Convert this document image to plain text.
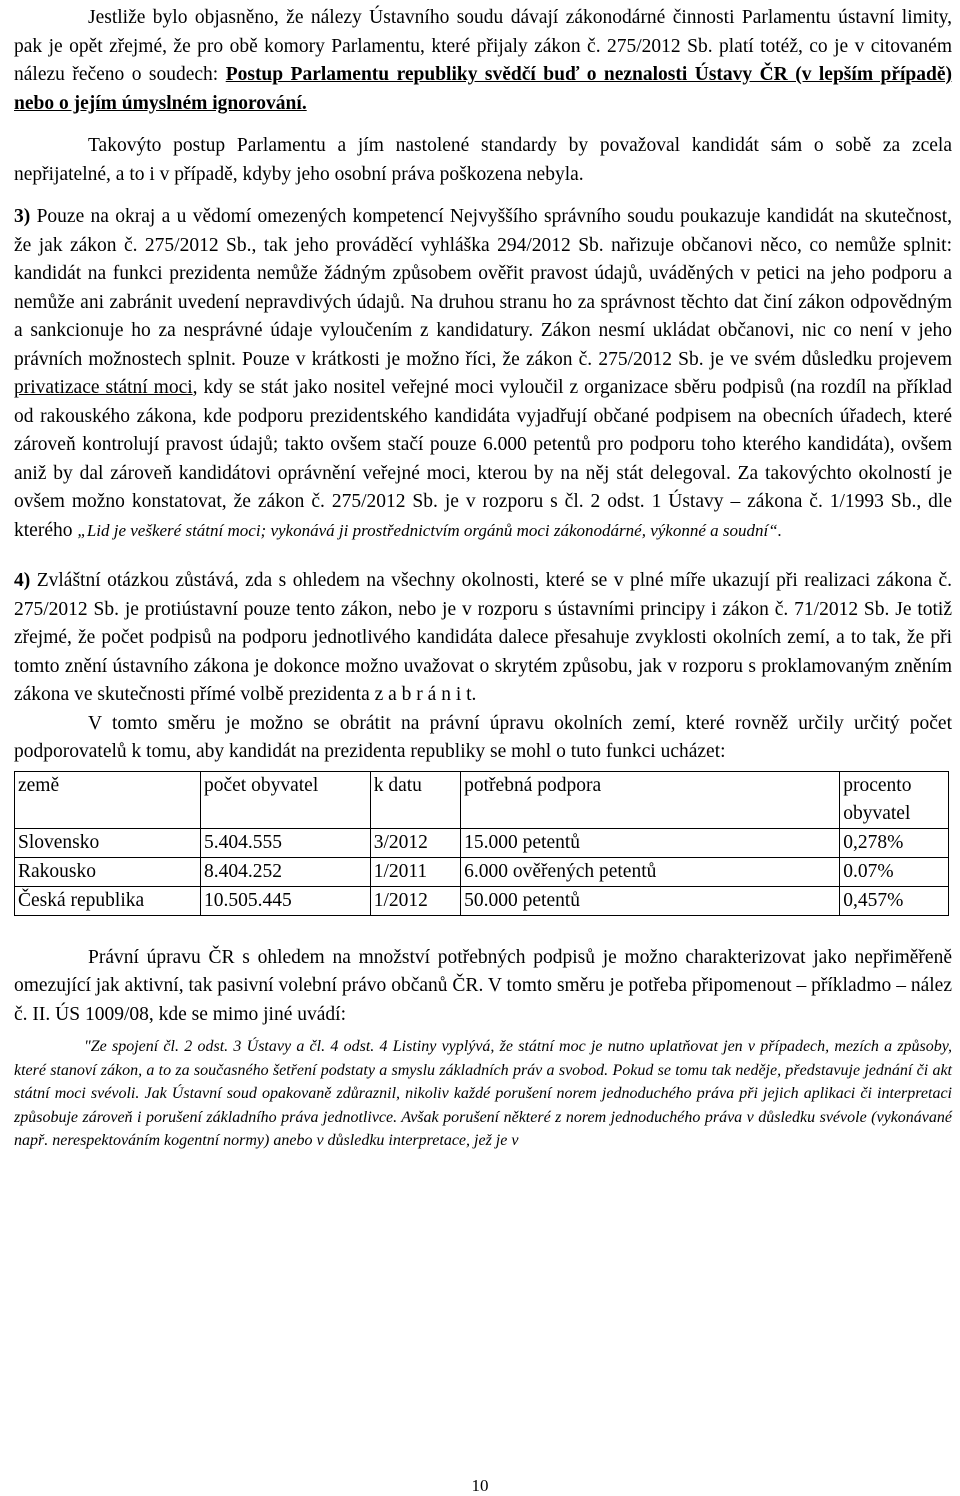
Jestliže bylo objasněno, že nálezy Ústavního soudu dávají zákonodárné činnosti Parlamentu ústavní limity, pak je opět zřejmé, že pro obě komory Parlamentu, které přijaly zákon č. 275/2012 Sb. platí totéž, co je v citovaném nálezu řečeno o soudech: Postup Parlamentu republiky svědčí buď o neznalosti Ústavy ČR (v lepším případě) nebo o jejím úmyslném ignorování.

Takovýto postup Parlamentu a jím nastolené standardy by považoval kandidát sám o sobě za zcela nepřijatelné, a to i v případě, kdyby jeho osobní práva poškozena nebyla.

3) Pouze na okraj a u vědomí omezených kompetencí Nejvyššího správního soudu poukazuje kandidát na skutečnost, že jak zákon č. 275/2012 Sb., tak jeho prováděcí vyhláška 294/2012 Sb. nařizuje občanovi něco, co nemůže splnit: kandidát na funkci prezidenta nemůže žádným způsobem ověřit pravost údajů, uváděných v petici na jeho podporu a nemůže ani zabránit uvedení nepravdivých údajů. Na druhou stranu ho za správnost těchto dat činí zákon odpovědným a sankcionuje ho za nesprávné údaje vyloučením z kandidatury. Zákon nesmí ukládat občanovi, nic co není v jeho právních možnostech splnit. Pouze v krátkosti je možno říci, že zákon č. 275/2012 Sb. je ve svém důsledku projevem privatizace státní moci, kdy se stát jako nositel veřejné moci vyloučil z organizace sběru podpisů (na rozdíl na příklad od rakouského zákona, kde podporu prezidentského kandidáta vyjadřují občané podpisem na obecních úřadech, které zároveň kontrolují pravost údajů; takto ovšem stačí pouze 6.000 petentů pro podporu toho kterého kandidáta), ovšem aniž by dal zároveň kandidátovi oprávnění veřejné moci, kterou by na něj stát delegoval. Za takovýchto okolností je ovšem možno konstatovat, že zákon č. 275/2012 Sb. je v rozporu s čl. 2 odst. 1 Ústavy – zákona č. 1/1993 Sb., dle kterého „Lid je veškeré státní moci; vykonává ji prostřednictvím orgánů moci zákonodárné, výkonné a soudní“.

4) Zvláštní otázkou zůstává, zda s ohledem na všechny okolnosti, které se v plné míře ukazují při realizaci zákona č. 275/2012 Sb. je protiústavní pouze tento zákon, nebo je v rozporu s ústavními principy i zákon č. 71/2012 Sb. Je totiž zřejmé, že počet podpisů na podporu jednotlivého kandidáta dalece přesahuje zvyklosti okolních zemí, a to tak, že při tomto znění ústavního zákona je dokonce možno uvažovat o skrytém způsobu, jak v rozporu s proklamovaným zněním zákona ve skutečnosti přímé volbě prezidenta z a b r á n i t.

V tomto směru je možno se obrátit na právní úpravu okolních zemí, které rovněž určily určitý počet podporovatelů k tomu, aby kandidát na prezidenta republiky se mohl o tuto funkci ucházet:

země	počet obyvatel	k datu	potřebná podpora	procento obyvatel
Slovensko	5.404.555	3/2012	15.000 petentů	0,278%
Rakousko	8.404.252	1/2011	6.000 ověřených petentů	0.07%
Česká republika	10.505.445	1/2012	50.000 petentů	0,457%

Právní úpravu ČR s ohledem na množství potřebných podpisů je možno charakterizovat jako nepřiměřeně omezující jak aktivní, tak pasivní volební právo občanů ČR. V tomto směru je potřeba připomenout – příkladmo – nález č. II. ÚS 1009/08, kde se mimo jiné uvádí:

"Ze spojení čl. 2 odst. 3 Ústavy a čl. 4 odst. 4 Listiny vyplývá, že státní moc je nutno uplatňovat jen v případech, mezích a způsoby, které stanoví zákon, a to za současného šetření podstaty a smyslu základních práv a svobod. Pokud se tomu tak neděje, představuje jednání či akt státní moci svévoli. Jak Ústavní soud opakovaně zdůraznil, nikoliv každé porušení norem jednoduchého práva při jejich aplikaci či interpretaci způsobuje zároveň i porušení základního práva jednotlivce. Avšak porušení některé z norem jednoduchého práva v důsledku svévole (vykonávané např. nerespektováním kogentní normy) anebo v důsledku interpretace, jež je v

10
